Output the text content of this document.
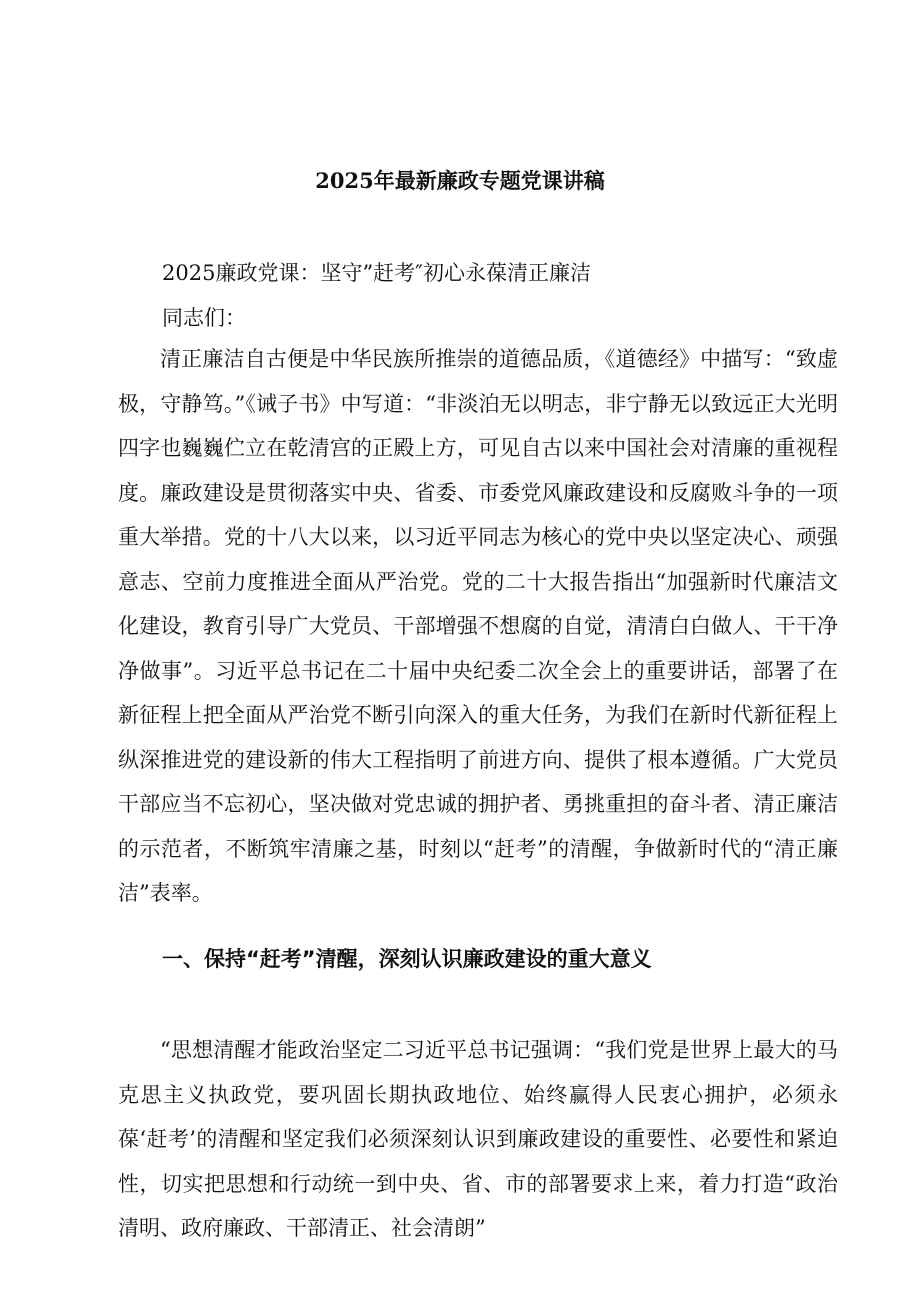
2025年最新廉政专题党课讲稿
2025廉政党课：坚守”赶考″初心永葆清正廉洁
同志们：

清正廉洁自古便是中华民族所推崇的道德品质，《道德经》中描写：“致虚极，守静笃。”《诫子书》中写道：“非淡泊无以明志，非宁静无以致远正大光明四字也巍巍伫立在乾清宫的正殿上方，可见自古以来中国社会对清廉的重视程度。廉政建设是贯彻落实中央、省委、市委党风廉政建设和反腐败斗争的一项重大举措。党的十八大以来，以习近平同志为核心的党中央以坚定决心、顽强意志、空前力度推进全面从严治党。党的二十大报告指出“加强新时代廉洁文化建设，教育引导广大党员、干部增强不想腐的自觉，清清白白做人、干干净净做事”。习近平总书记在二十届中央纪委二次全会上的重要讲话，部署了在新征程上把全面从严治党不断引向深入的重大任务，为我们在新时代新征程上纵深推进党的建设新的伟大工程指明了前进方向、提供了根本遵循。广大党员干部应当不忘初心，坚决做对党忠诚的拥护者、勇挑重担的奋斗者、清正廉洁的示范者，不断筑牢清廉之基，时刻以“赶考”的清醒，争做新时代的“清正廉洁”表率。

一、保持“赶考”清醒，深刻认识廉政建设的重大意义

“思想清醒才能政治坚定二习近平总书记强调：“我们党是世界上最大的马克思主义执政党，要巩固长期执政地位、始终赢得人民衷心拥护，必须永葆‘赶考’的清醒和坚定我们必须深刻认识到廉政建设的重要性、必要性和紧迫性，切实把思想和行动统一到中央、省、市的部署要求上来，着力打造“政治清明、政府廉政、干部清正、社会清朗”
